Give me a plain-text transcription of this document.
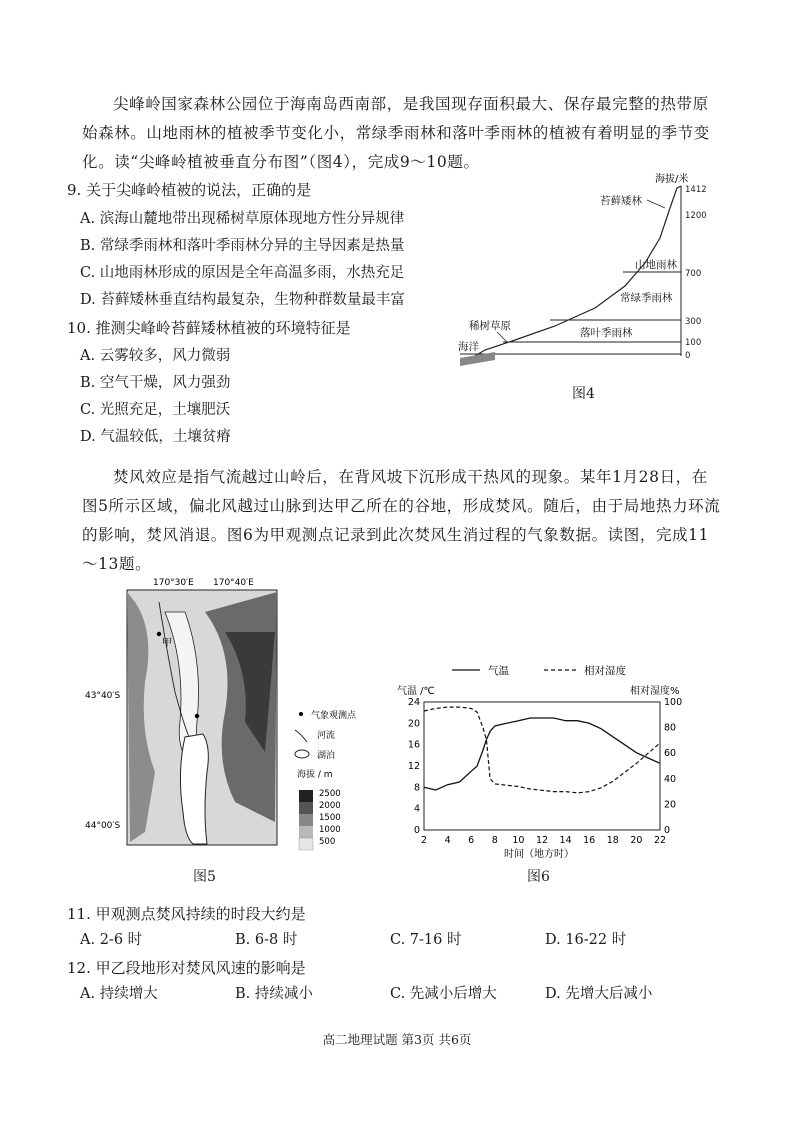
尖峰岭国家森林公园位于海南岛西南部，是我国现存面积最大、保存最完整的热带原始森林。山地雨林的植被季节变化小，常绿季雨林和落叶季雨林的植被有着明显的季节变化。读“尖峰岭植被垂直分布图”（图4），完成9～10题。
9. 关于尖峰岭植被的说法，正确的是
A. 滨海山麓地带出现稀树草原体现地方性分异规律
B. 常绿季雨林和落叶季雨林分异的主导因素是热量
C. 山地雨林形成的原因是全年高温多雨，水热充足
D. 苔藓矮林垂直结构最复杂，生物种群数量最丰富
10. 推测尖峰岭苔藓矮林植被的环境特征是
A. 云雾较多，风力微弱
B. 空气干燥，风力强劲
C. 光照充足，土壤肥沃
D. 气温较低，土壤贫瘠
海拔/米
1412
1200
700
300
100
0
苔藓矮林
山地雨林
常绿季雨林
落叶季雨林
稀树草原
海洋
图4
焚风效应是指气流越过山岭后，在背风坡下沉形成干热风的现象。某年1月28日，在图5所示区域，偏北风越过山脉到达甲乙所在的谷地，形成焚风。随后，由于局地热力环流的影响，焚风消退。图6为甲观测点记录到此次焚风生消过程的气象数据。读图，完成11～13题。
170°30′E 170°40′E
43°40′S
44°00′S
甲
乙	气象观测点
河流
湖泊
海拔 / m
2500
2000
1500
1000
500
图5
气温	相对湿度
气温 /℃	相对湿度%
2 4 6 8 10 12 14 16 18 20 22
0
4
8
12
16
20
24
0
20
40
60
80
100
时间（地方时）
图6
11. 甲观测点焚风持续的时段大约是
A. 2-6 时	B. 6-8 时	C. 7-16 时	D. 16-22 时
12. 甲乙段地形对焚风风速的影响是
A. 持续增大	B. 持续减小	C. 先减小后增大	D. 先增大后减小
高二地理试题 第3页 共6页
